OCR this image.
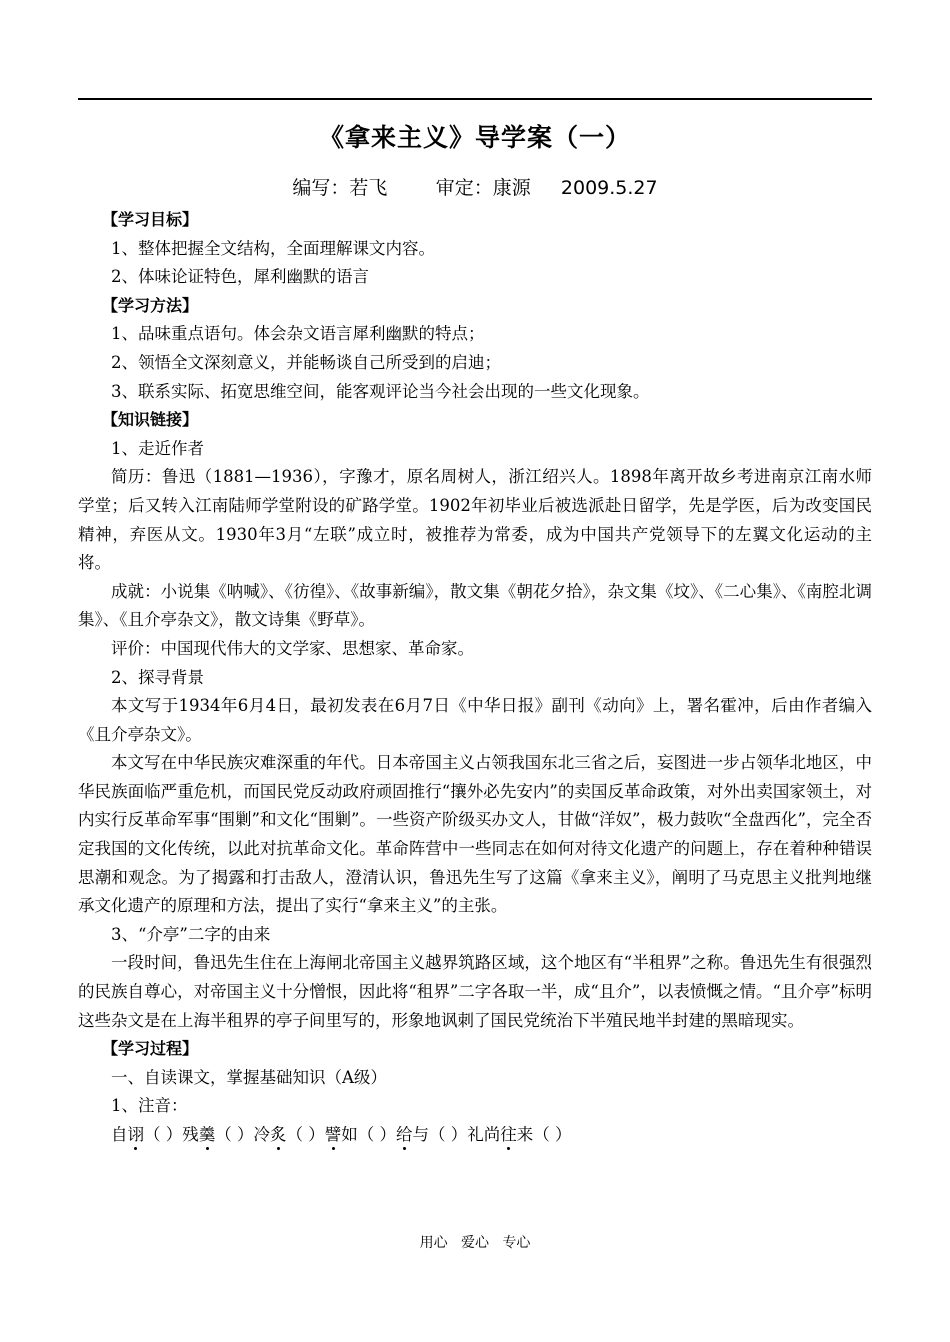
《拿来主义》导学案（一）
编写：若飞        审定：康源     2009.5.27

【学习目标】

1、整体把握全文结构，全面理解课文内容。

2、体味论证特色，犀利幽默的语言

【学习方法】

1、品味重点语句。体会杂文语言犀利幽默的特点；

2、领悟全文深刻意义，并能畅谈自己所受到的启迪；

3、联系实际、拓宽思维空间，能客观评论当今社会出现的一些文化现象。

【知识链接】

1、走近作者

简历：鲁迅（1881—1936），字豫才，原名周树人，浙江绍兴人。1898年离开故乡考进南京江南水师学堂；后又转入江南陆师学堂附设的矿路学堂。1902年初毕业后被选派赴日留学，先是学医，后为改变国民精神，弃医从文。1930年3月“左联”成立时，被推荐为常委，成为中国共产党领导下的左翼文化运动的主将。

成就：小说集《呐喊》、《彷徨》、《故事新编》，散文集《朝花夕拾》，杂文集《坟》、《二心集》、《南腔北调集》、《且介亭杂文》，散文诗集《野草》。

评价：中国现代伟大的文学家、思想家、革命家。

2、探寻背景

本文写于1934年6月4日，最初发表在6月7日《中华日报》副刊《动向》上，署名霍冲，后由作者编入《且介亭杂文》。

本文写在中华民族灾难深重的年代。日本帝国主义占领我国东北三省之后，妄图进一步占领华北地区，中华民族面临严重危机，而国民党反动政府顽固推行“攘外必先安内”的卖国反革命政策，对外出卖国家领土，对内实行反革命军事“围剿”和文化“围剿”。一些资产阶级买办文人，甘做“洋奴”，极力鼓吹“全盘西化”，完全否定我国的文化传统，以此对抗革命文化。革命阵营中一些同志在如何对待文化遗产的问题上，存在着种种错误思潮和观念。为了揭露和打击敌人，澄清认识，鲁迅先生写了这篇《拿来主义》，阐明了马克思主义批判地继承文化遗产的原理和方法，提出了实行“拿来主义”的主张。

3、“介亭”二字的由来

一段时间，鲁迅先生住在上海闸北帝国主义越界筑路区域，这个地区有“半租界”之称。鲁迅先生有很强烈的民族自尊心，对帝国主义十分憎恨，因此将“租界”二字各取一半，成“且介”，以表愤慨之情。“且介亭”标明这些杂文是在上海半租界的亭子间里写的，形象地讽刺了国民党统治下半殖民地半封建的黑暗现实。

【学习过程】

一、自读课文，掌握基础知识（A级）

1、注音：

自诩（ ）残羹（ ）冷炙（ ）譬如（ ）给与（ ）礼尚往来（ ）

用心   爱心   专心
